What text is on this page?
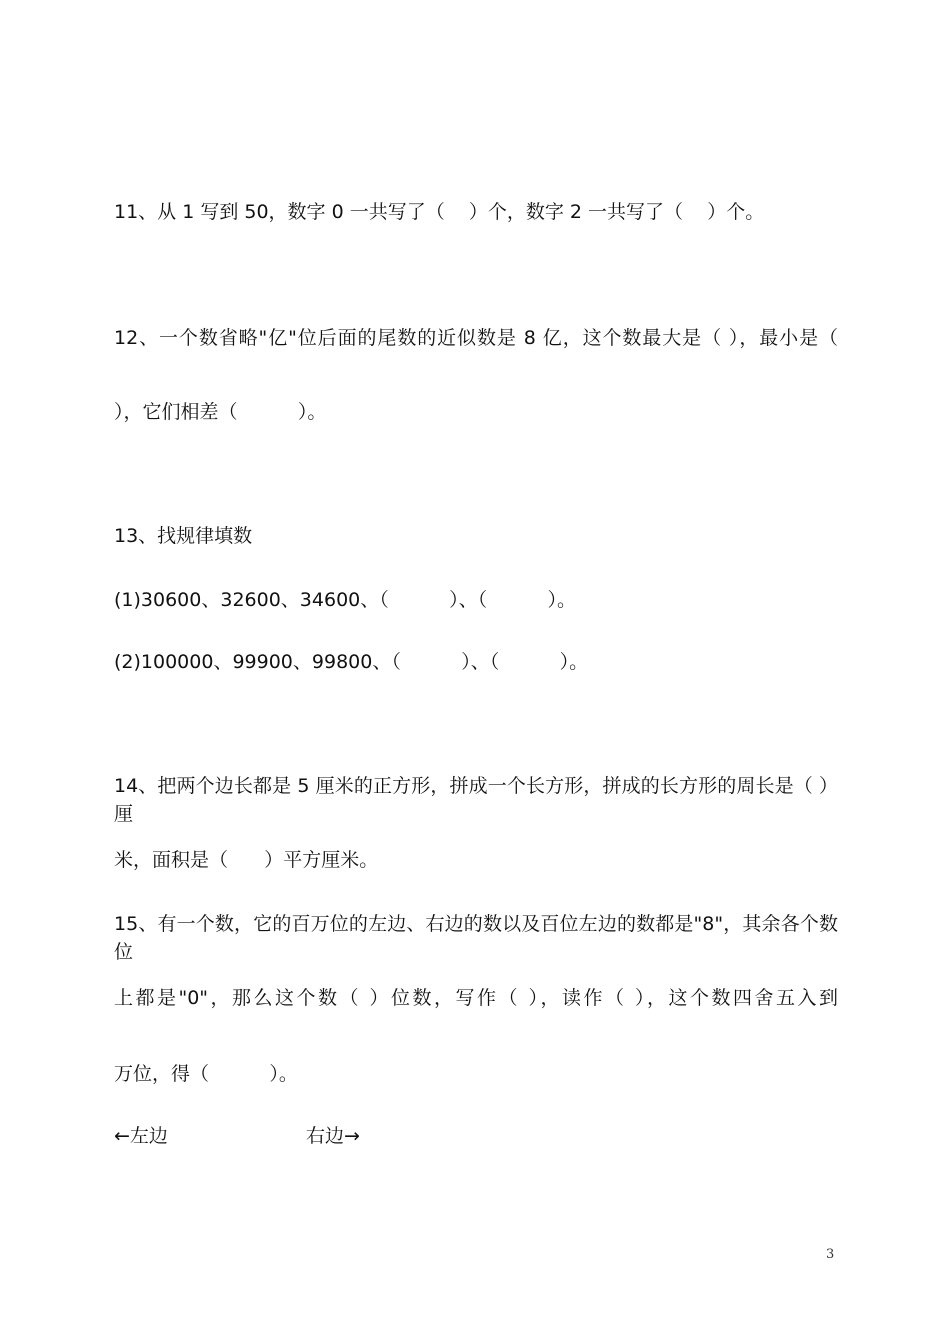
11、从 1 写到 50，数字 0 一共写了（    ）个，数字 2 一共写了（    ）个。

12、一个数省略"亿"位后面的尾数的近似数是 8 亿，这个数最大是（ ），最小是（

），它们相差（          ）。

13、找规律填数

(1)30600、32600、34600、（          ）、（          ）。

(2)100000、99900、99800、（          ）、（          ）。

14、把两个边长都是 5 厘米的正方形，拼成一个长方形，拼成的长方形的周长是（ ）厘

米，面积是（      ）平方厘米。

15、有一个数，它的百万位的左边、右边的数以及百位左边的数都是"8"，其余各个数位

上都是"0"，那么这个数（ ）位数，写作（ ），读作（ ），这个数四舍五入到

万位，得（          ）。

←左边	右边→

3
